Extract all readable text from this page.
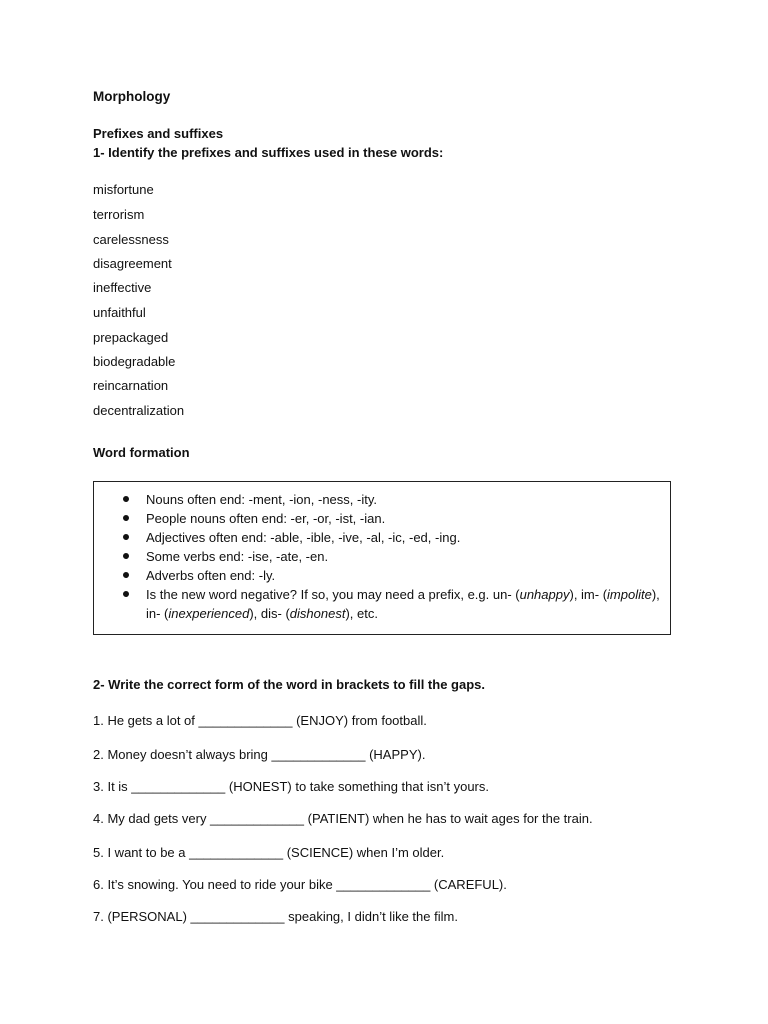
Morphology
Prefixes and suffixes
1- Identify the prefixes and suffixes used in these words:
misfortune
terrorism
carelessness
disagreement
ineffective
unfaithful
prepackaged
biodegradable
reincarnation
decentralization
Word formation
Nouns often end: -ment, -ion, -ness, -ity.
People nouns often end: -er, -or, -ist, -ian.
Adjectives often end: -able, -ible, -ive, -al, -ic, -ed, -ing.
Some verbs end: -ise, -ate, -en.
Adverbs often end: -ly.
Is the new word negative? If so, you may need a prefix, e.g. un- (unhappy), im- (impolite),
in- (inexperienced), dis- (dishonest), etc.
2- Write the correct form of the word in brackets to fill the gaps.
1. He gets a lot of _____________ (ENJOY) from football.
2. Money doesn’t always bring _____________ (HAPPY).
3. It is _____________ (HONEST) to take something that isn’t yours.
4. My dad gets very _____________ (PATIENT) when he has to wait ages for the train.
5. I want to be a _____________ (SCIENCE) when I’m older.
6. It’s snowing. You need to ride your bike _____________ (CAREFUL).
7. (PERSONAL) _____________ speaking, I didn’t like the film.
